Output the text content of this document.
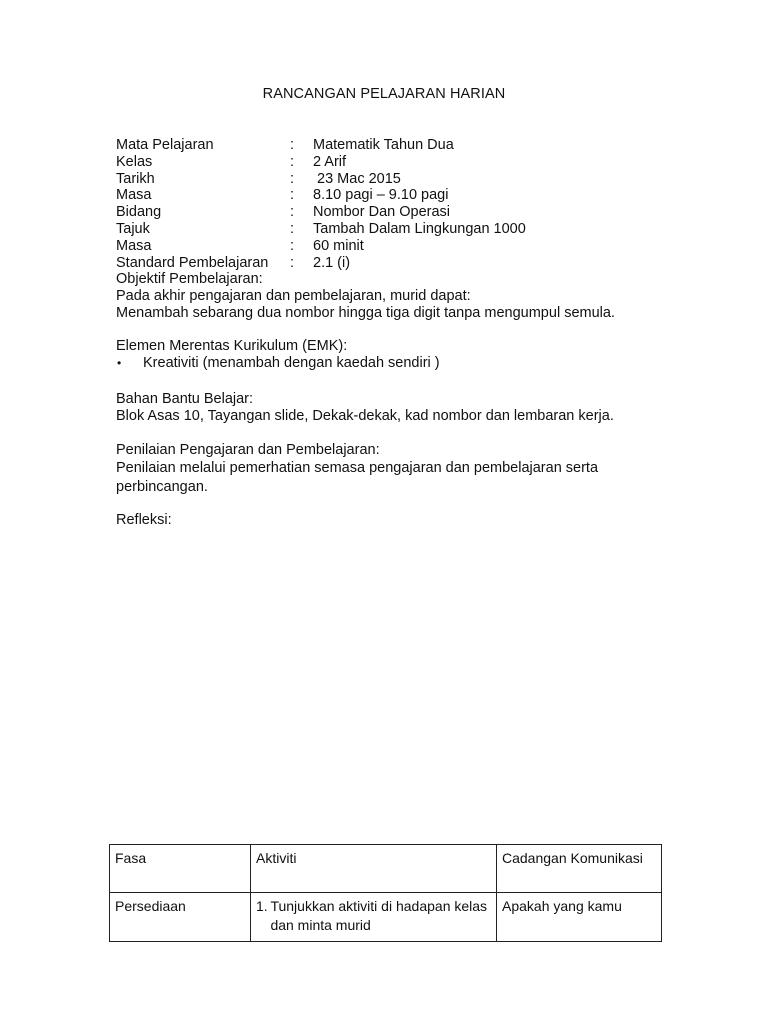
RANCANGAN PELAJARAN HARIAN
Mata Pelajaran	:	Matematik Tahun Dua
Kelas	:	2 Arif
Tarikh	:	23 Mac 2015
Masa	:	8.10 pagi – 9.10 pagi
Bidang	:	Nombor Dan Operasi
Tajuk	:	Tambah Dalam Lingkungan 1000
Masa	:	60 minit
Standard Pembelajaran	:	2.1 (i)
Objektif Pembelajaran:
Pada akhir pengajaran dan pembelajaran, murid dapat:
Menambah sebarang dua nombor hingga tiga digit tanpa mengumpul semula.
Elemen Merentas Kurikulum (EMK):
•	Kreativiti (menambah dengan kaedah sendiri )
Bahan Bantu Belajar:
Blok Asas 10, Tayangan slide, Dekak-dekak, kad nombor dan lembaran kerja.
Penilaian Pengajaran dan Pembelajaran:
Penilaian melalui pemerhatian semasa pengajaran dan pembelajaran serta perbincangan.
Refleksi:
Fasa	Aktiviti	Cadangan Komunikasi
Persediaan	1. Tunjukkan aktiviti di hadapan kelas dan minta murid	Apakah yang kamu
